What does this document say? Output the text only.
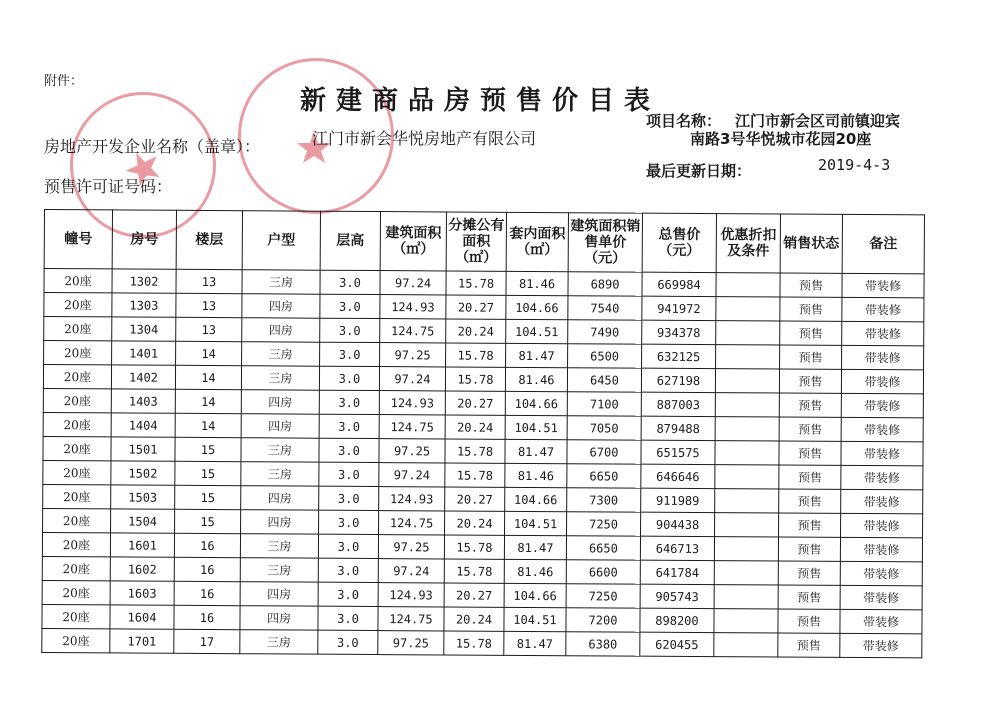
附件：
新建商品房预售价目表
房地产开发企业名称（盖章）：	江门市新会华悦房地产有限公司
项目名称： 江门市新会区司前镇迎宾
南路3号华悦城市花园20座
预售许可证号码：
最后更新日期：	2019-4-3
幢号	房号	楼层	户型	层高	建筑面积（㎡）	分摊公有面积（㎡）	套内面积（㎡）	建筑面积销售单价（元）	总售价（元）	优惠折扣及条件	销售状态	备注
20座	1302	13	三房	3.0	97.24	15.78	81.46	6890	669984		预售	带装修
20座	1303	13	四房	3.0	124.93	20.27	104.66	7540	941972		预售	带装修
20座	1304	13	四房	3.0	124.75	20.24	104.51	7490	934378		预售	带装修
20座	1401	14	三房	3.0	97.25	15.78	81.47	6500	632125		预售	带装修
20座	1402	14	三房	3.0	97.24	15.78	81.46	6450	627198		预售	带装修
20座	1403	14	四房	3.0	124.93	20.27	104.66	7100	887003		预售	带装修
20座	1404	14	四房	3.0	124.75	20.24	104.51	7050	879488		预售	带装修
20座	1501	15	三房	3.0	97.25	15.78	81.47	6700	651575		预售	带装修
20座	1502	15	三房	3.0	97.24	15.78	81.46	6650	646646		预售	带装修
20座	1503	15	四房	3.0	124.93	20.27	104.66	7300	911989		预售	带装修
20座	1504	15	四房	3.0	124.75	20.24	104.51	7250	904438		预售	带装修
20座	1601	16	三房	3.0	97.25	15.78	81.47	6650	646713		预售	带装修
20座	1602	16	三房	3.0	97.24	15.78	81.46	6600	641784		预售	带装修
20座	1603	16	四房	3.0	124.93	20.27	104.66	7250	905743		预售	带装修
20座	1604	16	四房	3.0	124.75	20.24	104.51	7200	898200		预售	带装修
20座	1701	17	三房	3.0	97.25	15.78	81.47	6380	620455		预售	带装修
